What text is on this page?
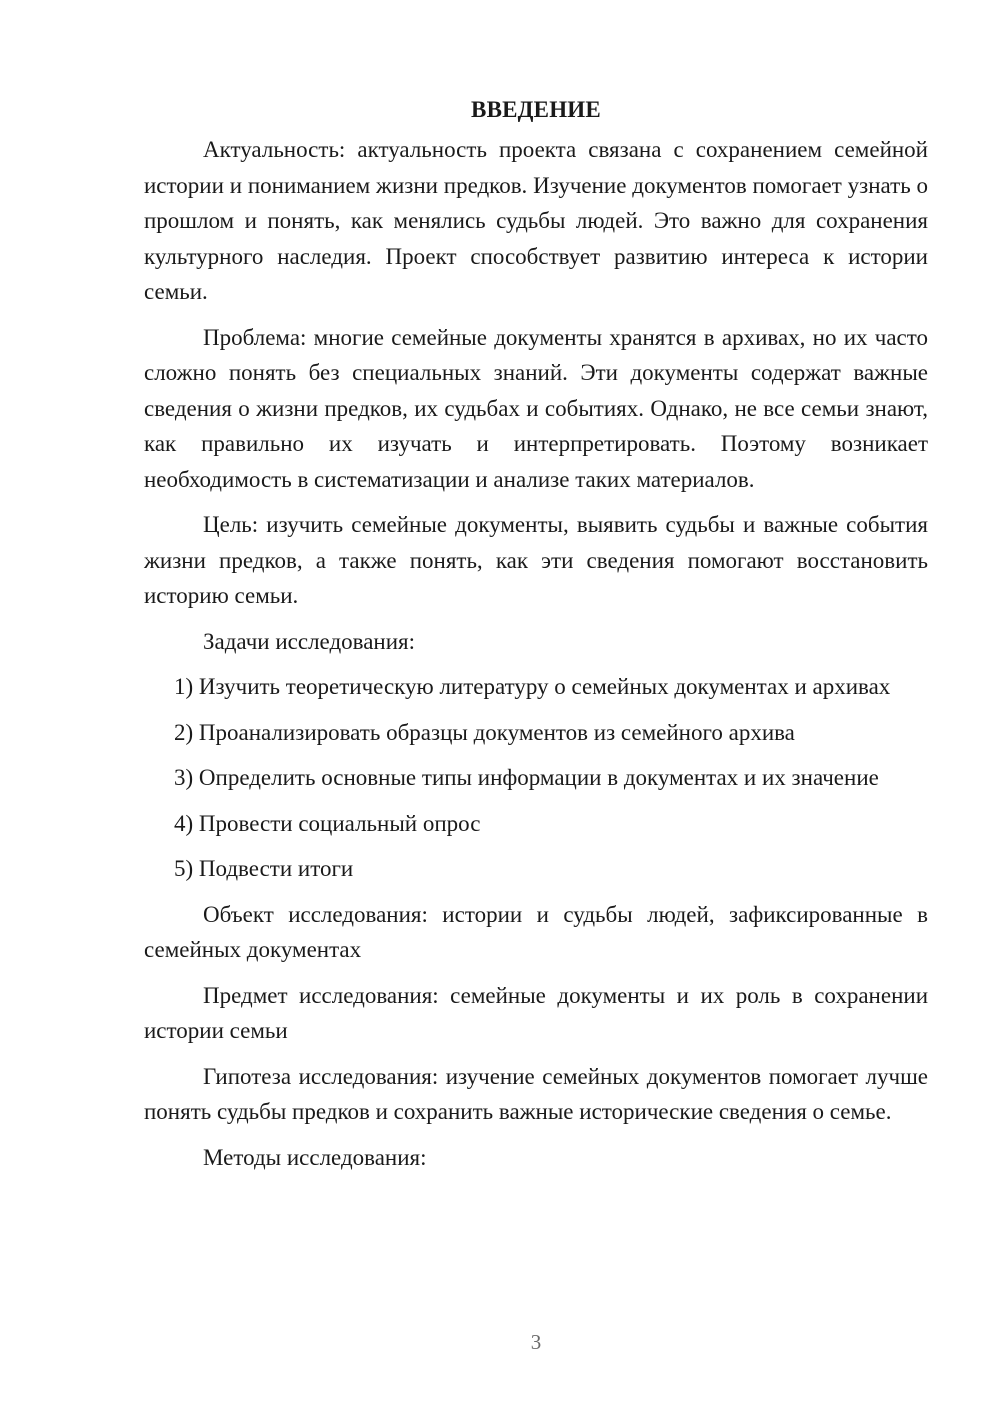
ВВЕДЕНИЕ

Актуальность: актуальность проекта связана с сохранением семейной истории и пониманием жизни предков. Изучение документов помогает узнать о прошлом и понять, как менялись судьбы людей. Это важно для сохранения культурного наследия. Проект способствует развитию интереса к истории семьи.

Проблема: многие семейные документы хранятся в архивах, но их часто сложно понять без специальных знаний. Эти документы содержат важные сведения о жизни предков, их судьбах и событиях. Однако, не все семьи знают, как правильно их изучать и интерпретировать. Поэтому возникает необходимость в систематизации и анализе таких материалов.

Цель: изучить семейные документы, выявить судьбы и важные события жизни предков, а также понять, как эти сведения помогают восстановить историю семьи.

Задачи исследования:

1) Изучить теоретическую литературу о семейных документах и архивах

2) Проанализировать образцы документов из семейного архива

3) Определить основные типы информации в документах и их значение

4) Провести социальный опрос

5) Подвести итоги

Объект исследования: истории и судьбы людей, зафиксированные в семейных документах

Предмет исследования: семейные документы и их роль в сохранении истории семьи

Гипотеза исследования: изучение семейных документов помогает лучше понять судьбы предков и сохранить важные исторические сведения о семье.

Методы исследования:

3
